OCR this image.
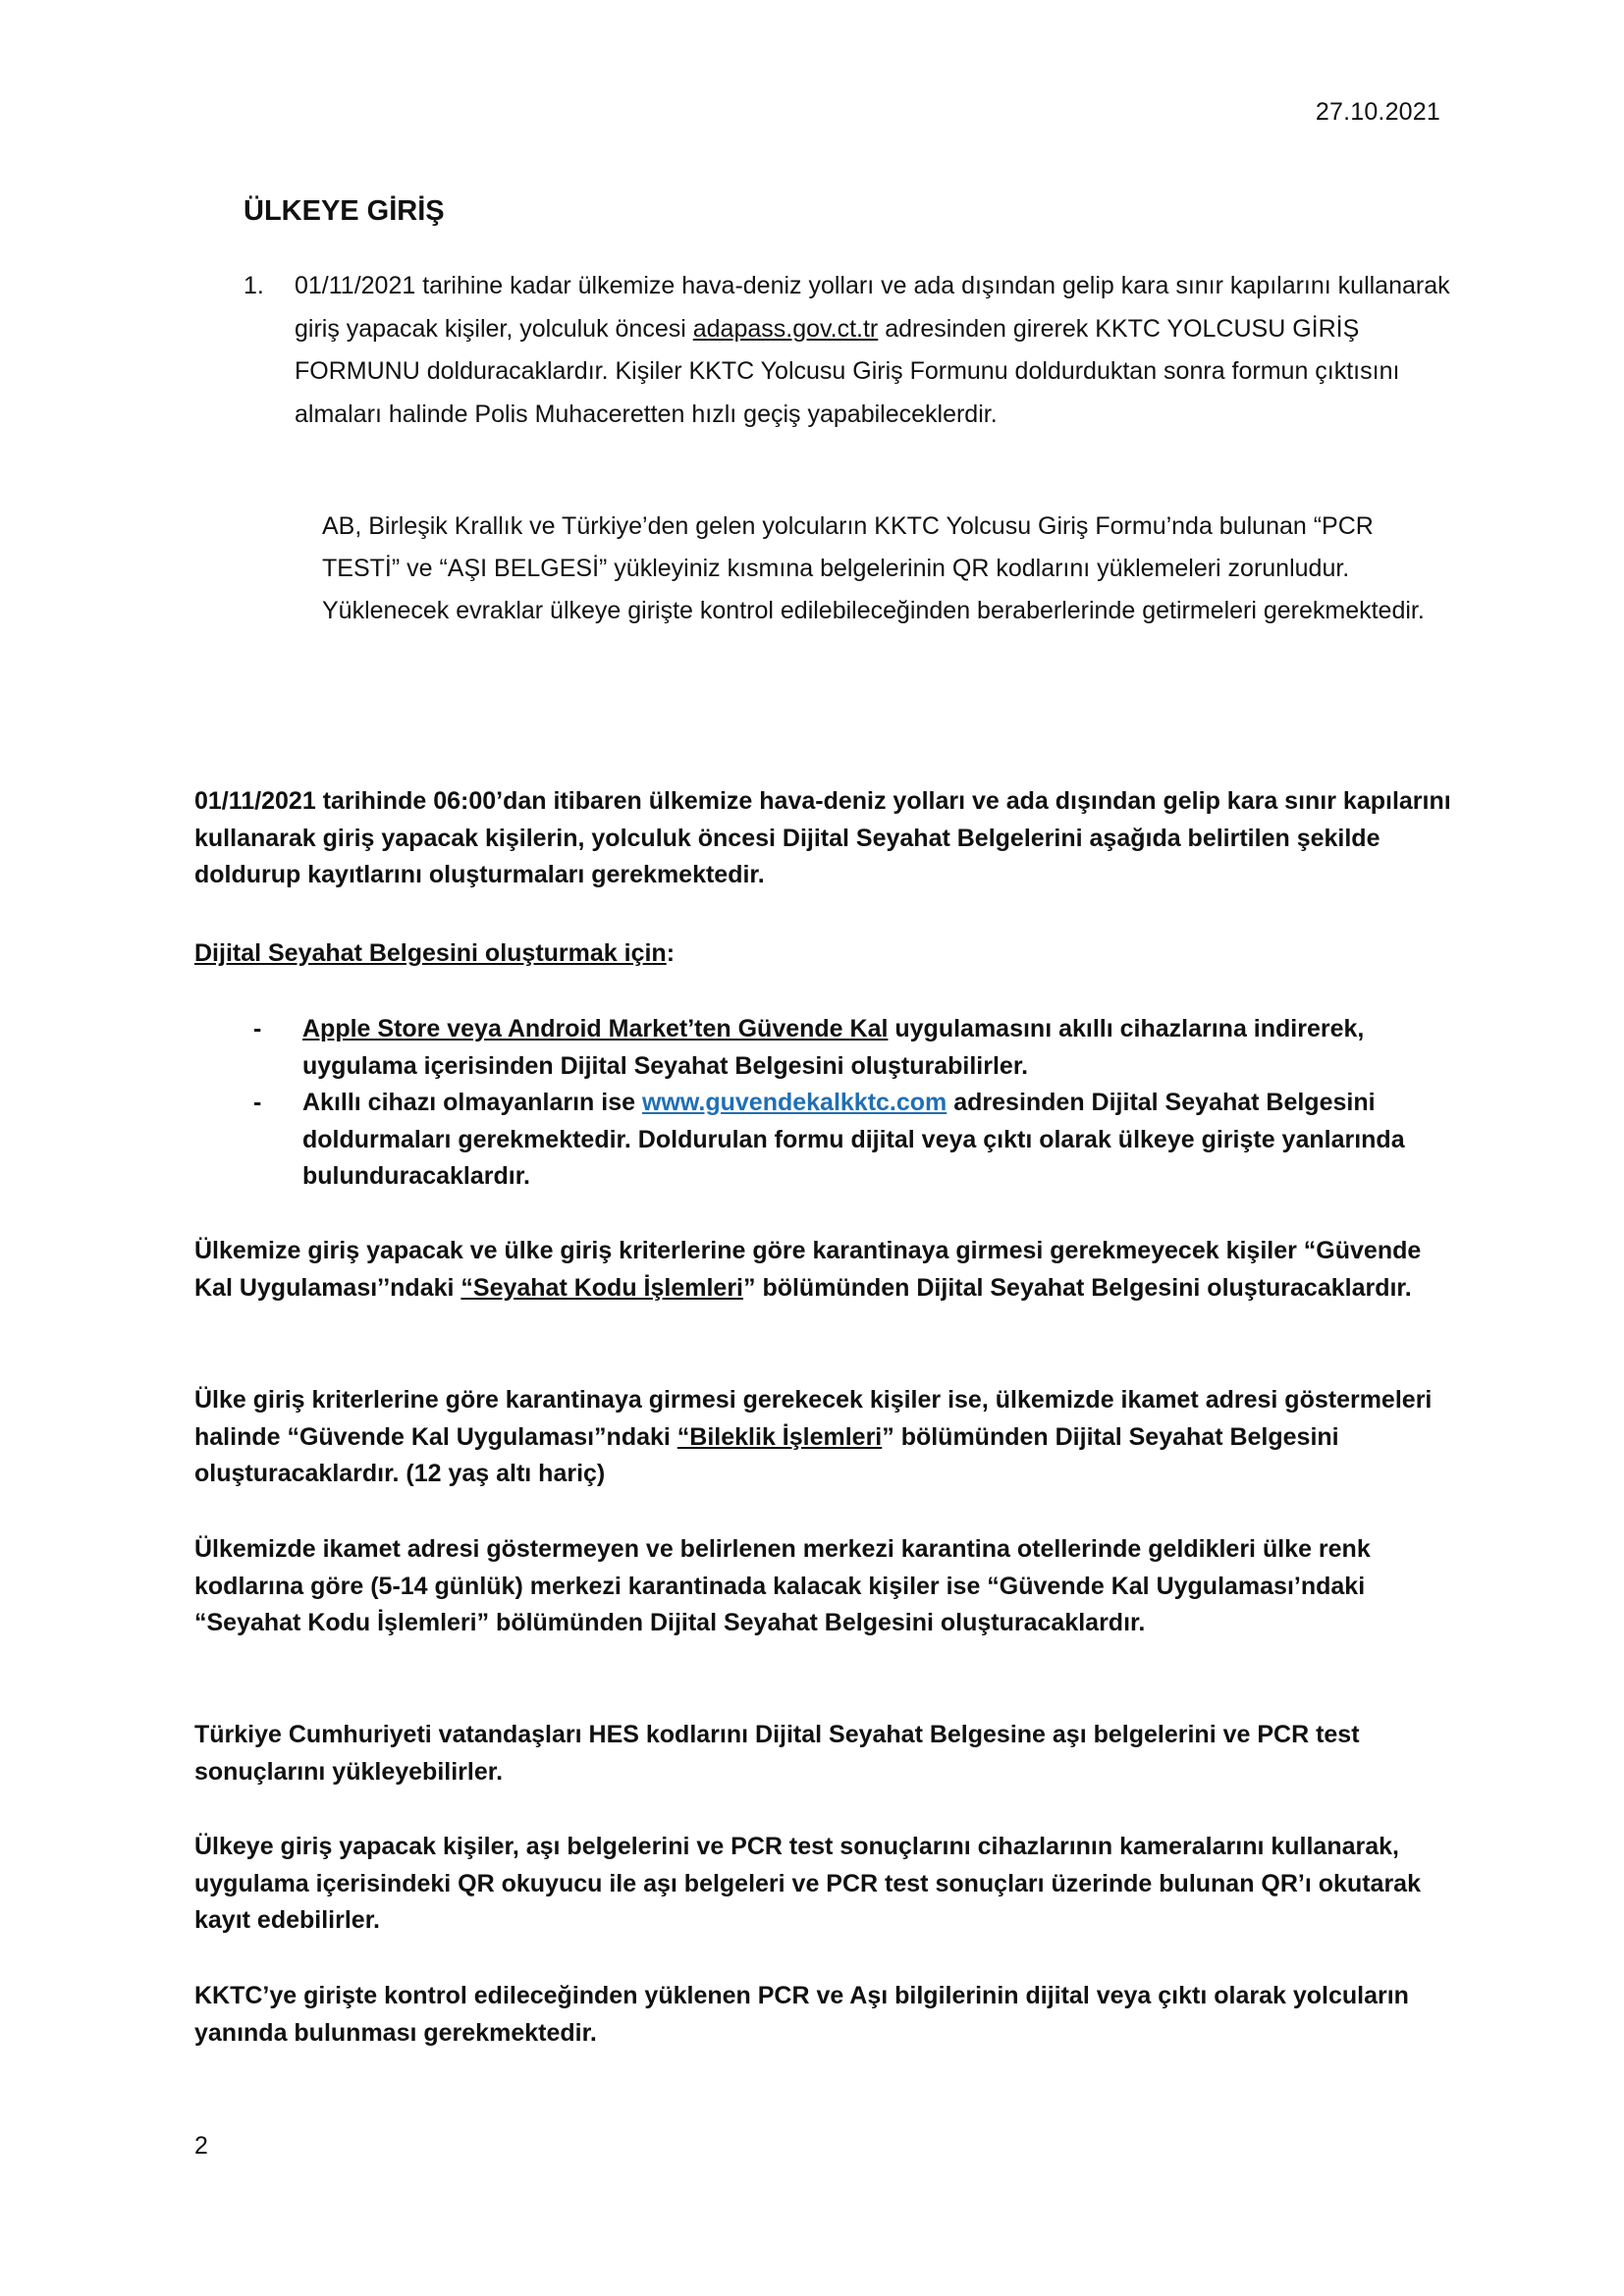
27.10.2021
ÜLKEYE GİRİŞ
1. 01/11/2021 tarihine kadar ülkemize hava-deniz yolları ve ada dışından gelip kara sınır kapılarını kullanarak giriş yapacak kişiler, yolculuk öncesi adapass.gov.ct.tr adresinden girerek KKTC YOLCUSU GİRİŞ FORMUNU dolduracaklardır. Kişiler KKTC Yolcusu Giriş Formunu doldurduktan sonra formun çıktısını almaları halinde Polis Muhaceretten hızlı geçiş yapabileceklerdir.
AB, Birleşik Krallık ve Türkiye’den gelen yolcuların KKTC Yolcusu Giriş Formu’nda bulunan “PCR TESTİ” ve “AŞI BELGESİ” yükleyiniz kısmına belgelerinin QR kodlarını yüklemeleri zorunludur. Yüklenecek evraklar ülkeye girişte kontrol edilebileceğinden beraberlerinde getirmeleri gerekmektedir.

01/11/2021 tarihinde 06:00’dan itibaren ülkemize hava-deniz yolları ve ada dışından gelip kara sınır kapılarını kullanarak giriş yapacak kişilerin, yolculuk öncesi Dijital Seyahat Belgelerini aşağıda belirtilen şekilde doldurup kayıtlarını oluşturmaları gerekmektedir.

Dijital Seyahat Belgesini oluşturmak için:

- Apple Store veya Android Market’ten Güvende Kal uygulamasını akıllı cihazlarına indirerek, uygulama içerisinden Dijital Seyahat Belgesini oluşturabilirler.
- Akıllı cihazı olmayanların ise www.guvendekalkktc.com adresinden Dijital Seyahat Belgesini doldurmaları gerekmektedir. Doldurulan formu dijital veya çıktı olarak ülkeye girişte yanlarında bulunduracaklardır.

Ülkemize giriş yapacak ve ülke giriş kriterlerine göre karantinaya girmesi gerekmeyecek kişiler “Güvende Kal Uygulaması’’ndaki “Seyahat Kodu İşlemleri” bölümünden Dijital Seyahat Belgesini oluşturacaklardır.

Ülke giriş kriterlerine göre karantinaya girmesi gerekecek kişiler ise, ülkemizde ikamet adresi göstermeleri halinde “Güvende Kal Uygulaması”ndaki “Bileklik İşlemleri” bölümünden Dijital Seyahat Belgesini oluşturacaklardır. (12 yaş altı hariç)

Ülkemizde ikamet adresi göstermeyen ve belirlenen merkezi karantina otellerinde geldikleri ülke renk kodlarına göre (5-14 günlük) merkezi karantinada kalacak kişiler ise “Güvende Kal Uygulaması’ndaki “Seyahat Kodu İşlemleri” bölümünden Dijital Seyahat Belgesini oluşturacaklardır.

Türkiye Cumhuriyeti vatandaşları HES kodlarını Dijital Seyahat Belgesine aşı belgelerini ve PCR test sonuçlarını yükleyebilirler.

Ülkeye giriş yapacak kişiler, aşı belgelerini ve PCR test sonuçlarını cihazlarının kameralarını kullanarak, uygulama içerisindeki QR okuyucu ile aşı belgeleri ve PCR test sonuçları üzerinde bulunan QR’ı okutarak kayıt edebilirler.

KKTC’ye girişte kontrol edileceğinden yüklenen PCR ve Aşı bilgilerinin dijital veya çıktı olarak yolcuların yanında bulunması gerekmektedir.

2
